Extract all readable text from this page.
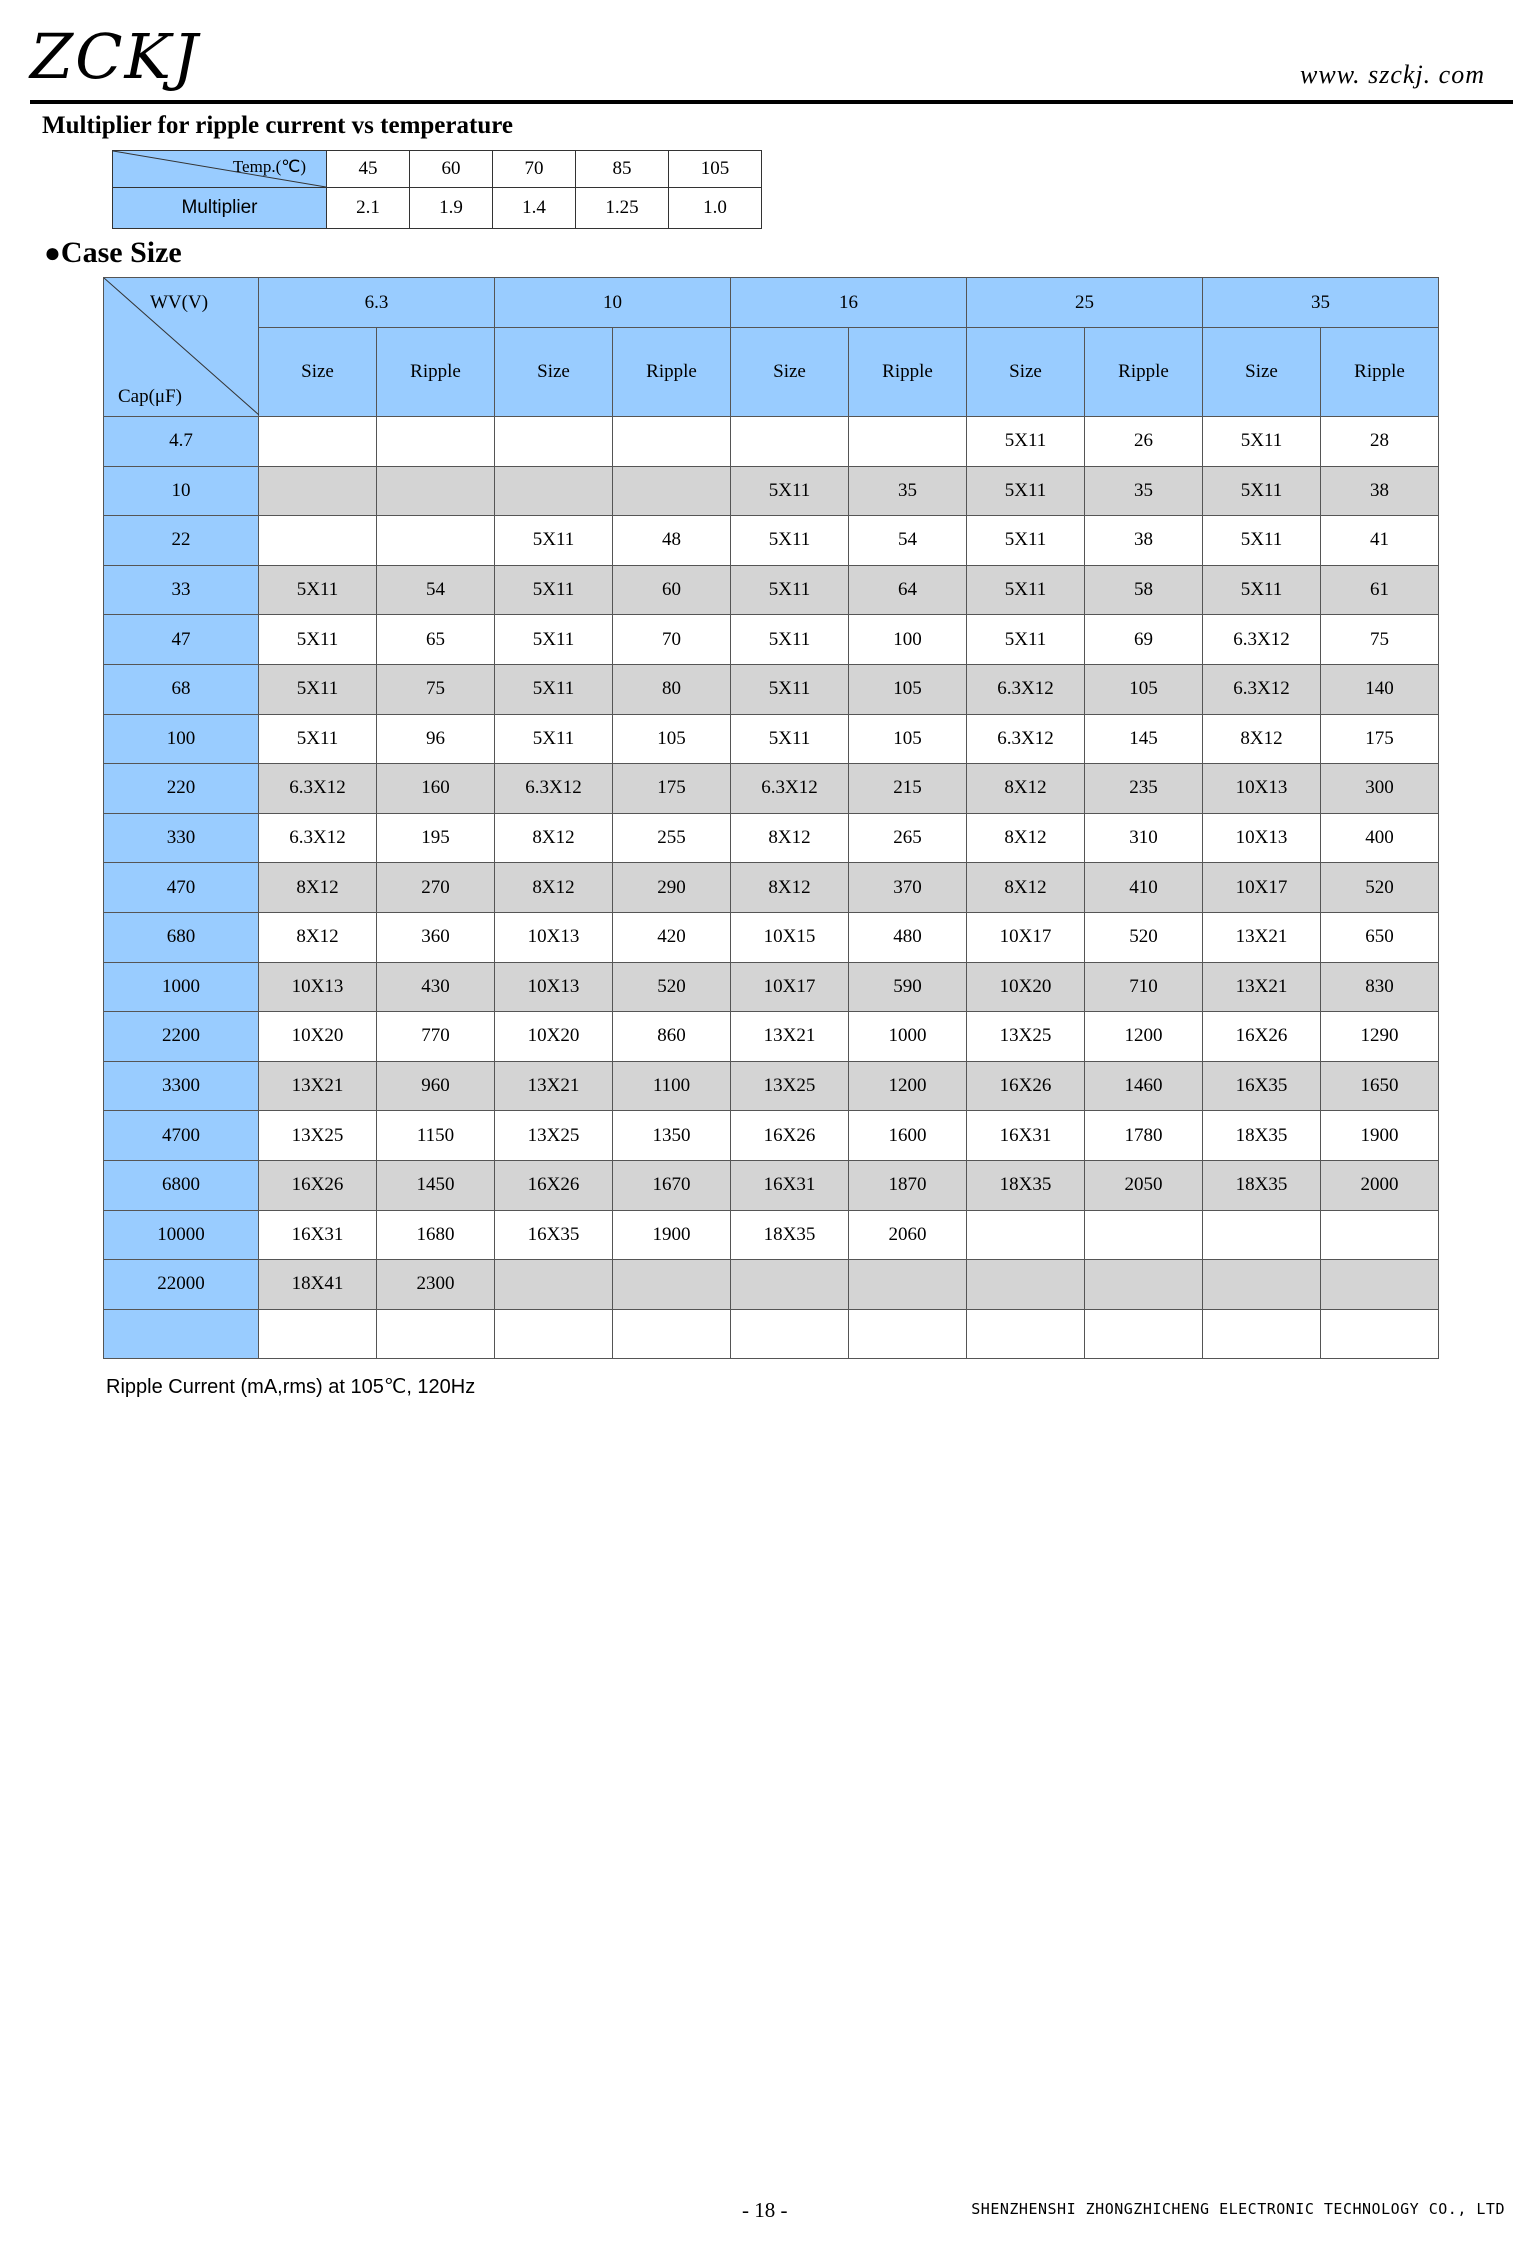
ZCKJ	www. szckj. com
Multiplier for ripple current vs temperature
Temp.(℃)	45	60	70	85	105
Multiplier	2.1	1.9	1.4	1.25	1.0
●Case Size
WV(V)
Cap(μF)	6.3		10		16		25		35	
	Size	Ripple	Size	Ripple	Size	Ripple	Size	Ripple	Size	Ripple
4.7							5X11	26	5X11	28
10					5X11	35	5X11	35	5X11	38
22			5X11	48	5X11	54	5X11	38	5X11	41
33	5X11	54	5X11	60	5X11	64	5X11	58	5X11	61
47	5X11	65	5X11	70	5X11	100	5X11	69	6.3X12	75
68	5X11	75	5X11	80	5X11	105	6.3X12	105	6.3X12	140
100	5X11	96	5X11	105	5X11	105	6.3X12	145	8X12	175
220	6.3X12	160	6.3X12	175	6.3X12	215	8X12	235	10X13	300
330	6.3X12	195	8X12	255	8X12	265	8X12	310	10X13	400
470	8X12	270	8X12	290	8X12	370	8X12	410	10X17	520
680	8X12	360	10X13	420	10X15	480	10X17	520	13X21	650
1000	10X13	430	10X13	520	10X17	590	10X20	710	13X21	830
2200	10X20	770	10X20	860	13X21	1000	13X25	1200	16X26	1290
3300	13X21	960	13X21	1100	13X25	1200	16X26	1460	16X35	1650
4700	13X25	1150	13X25	1350	16X26	1600	16X31	1780	18X35	1900
6800	16X26	1450	16X26	1670	16X31	1870	18X35	2050	18X35	2000
10000	16X31	1680	16X35	1900	18X35	2060				
22000	18X41	2300								

Ripple Current (mA,rms) at 105℃, 120Hz
- 18 -	SHENZHENSHI ZHONGZHICHENG ELECTRONIC TECHNOLOGY CO., LTD
